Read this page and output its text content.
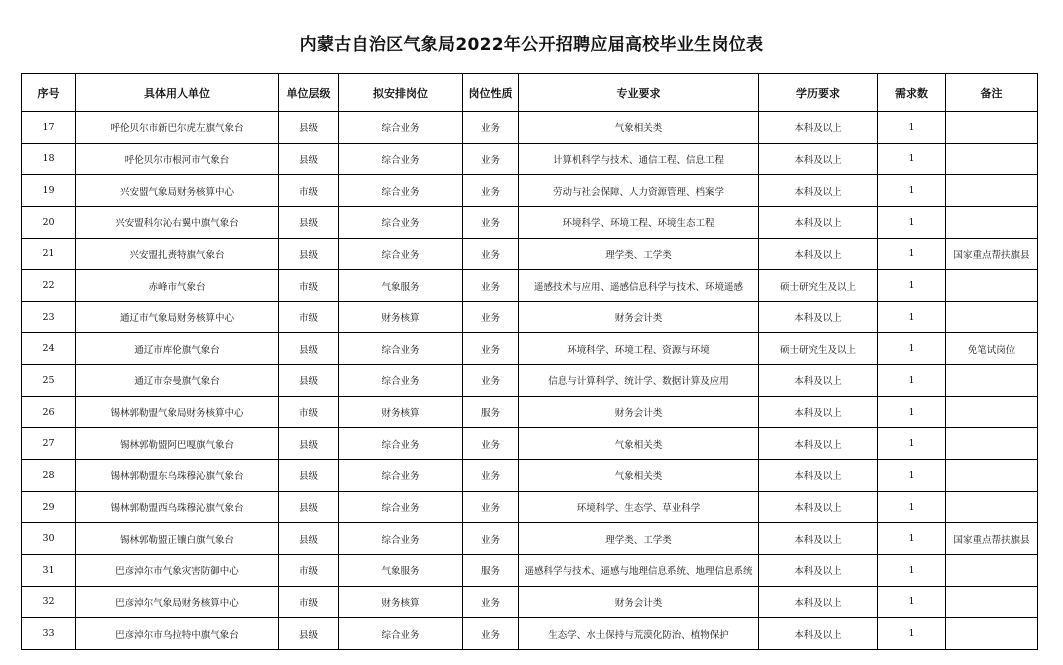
内蒙古自治区气象局2022年公开招聘应届高校毕业生岗位表
序号	具体用人单位	单位层级	拟安排岗位	岗位性质	专业要求	学历要求	需求数	备注
17	呼伦贝尔市新巴尔虎左旗气象台	县级	综合业务	业务	气象相关类	本科及以上	1	
18	呼伦贝尔市根河市气象台	县级	综合业务	业务	计算机科学与技术、通信工程、信息工程	本科及以上	1	
19	兴安盟气象局财务核算中心	市级	综合业务	业务	劳动与社会保障、人力资源管理、档案学	本科及以上	1	
20	兴安盟科尔沁右翼中旗气象台	县级	综合业务	业务	环境科学、环境工程、环境生态工程	本科及以上	1	
21	兴安盟扎赉特旗气象台	县级	综合业务	业务	理学类、工学类	本科及以上	1	国家重点帮扶旗县
22	赤峰市气象台	市级	气象服务	业务	遥感技术与应用、遥感信息科学与技术、环境遥感	硕士研究生及以上	1	
23	通辽市气象局财务核算中心	市级	财务核算	业务	财务会计类	本科及以上	1	
24	通辽市库伦旗气象台	县级	综合业务	业务	环境科学、环境工程、资源与环境	硕士研究生及以上	1	免笔试岗位
25	通辽市奈曼旗气象台	县级	综合业务	业务	信息与计算科学、统计学、数据计算及应用	本科及以上	1	
26	锡林郭勒盟气象局财务核算中心	市级	财务核算	服务	财务会计类	本科及以上	1	
27	锡林郭勒盟阿巴嘎旗气象台	县级	综合业务	业务	气象相关类	本科及以上	1	
28	锡林郭勒盟东乌珠穆沁旗气象台	县级	综合业务	业务	气象相关类	本科及以上	1	
29	锡林郭勒盟西乌珠穆沁旗气象台	县级	综合业务	业务	环境科学、生态学、草业科学	本科及以上	1	
30	锡林郭勒盟正镶白旗气象台	县级	综合业务	业务	理学类、工学类	本科及以上	1	国家重点帮扶旗县
31	巴彦淖尔市气象灾害防御中心	市级	气象服务	服务	遥感科学与技术、遥感与地理信息系统、地理信息系统	本科及以上	1	
32	巴彦淖尔气象局财务核算中心	市级	财务核算	业务	财务会计类	本科及以上	1	
33	巴彦淖尔市乌拉特中旗气象台	县级	综合业务	业务	生态学、水土保持与荒漠化防治、植物保护	本科及以上	1	
